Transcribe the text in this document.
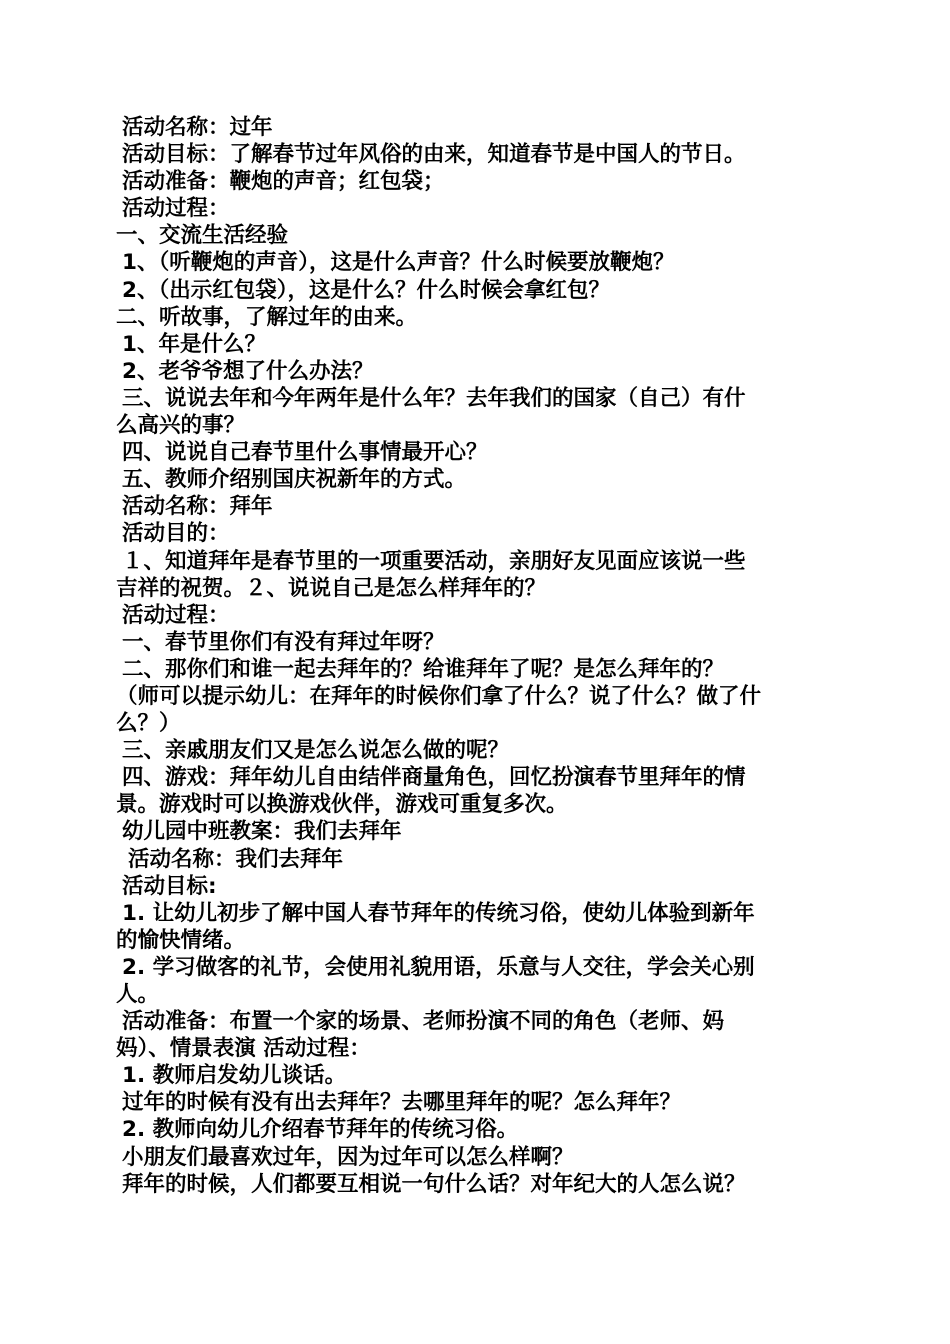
活动名称：过年

活动目标：了解春节过年风俗的由来，知道春节是中国人的节日。

活动准备：鞭炮的声音；红包袋；

活动过程：

一、交流生活经验

1、（听鞭炮的声音），这是什么声音？什么时候要放鞭炮？

2、（出示红包袋），这是什么？什么时候会拿红包？

二、听故事，了解过年的由来。

1、年是什么？

2、老爷爷想了什么办法？

三、说说去年和今年两年是什么年？去年我们的国家（自己）有什

么高兴的事？

四、说说自己春节里什么事情最开心？

五、教师介绍别国庆祝新年的方式。

活动名称：拜年

活动目的：

１、知道拜年是春节里的一项重要活动，亲朋好友见面应该说一些

吉祥的祝贺。２、说说自己是怎么样拜年的？

活动过程：

一、春节里你们有没有拜过年呀？

二、那你们和谁一起去拜年的？给谁拜年了呢？是怎么拜年的？

（师可以提示幼儿：在拜年的时候你们拿了什么？说了什么？做了什

么？）

三、亲戚朋友们又是怎么说怎么做的呢？

四、游戏：拜年幼儿自由结伴商量角色，回忆扮演春节里拜年的情

景。游戏时可以换游戏伙伴，游戏可重复多次。

幼儿园中班教案：我们去拜年

活动名称：我们去拜年

活动目标:

1. 让幼儿初步了解中国人春节拜年的传统习俗，使幼儿体验到新年

的愉快情绪。

2. 学习做客的礼节，会使用礼貌用语，乐意与人交往，学会关心别

人。

活动准备：布置一个家的场景、老师扮演不同的角色（老师、妈

妈）、情景表演 活动过程：

1. 教师启发幼儿谈话。

过年的时候有没有出去拜年？去哪里拜年的呢？怎么拜年？

2. 教师向幼儿介绍春节拜年的传统习俗。

小朋友们最喜欢过年，因为过年可以怎么样啊？

拜年的时候，人们都要互相说一句什么话？对年纪大的人怎么说？
